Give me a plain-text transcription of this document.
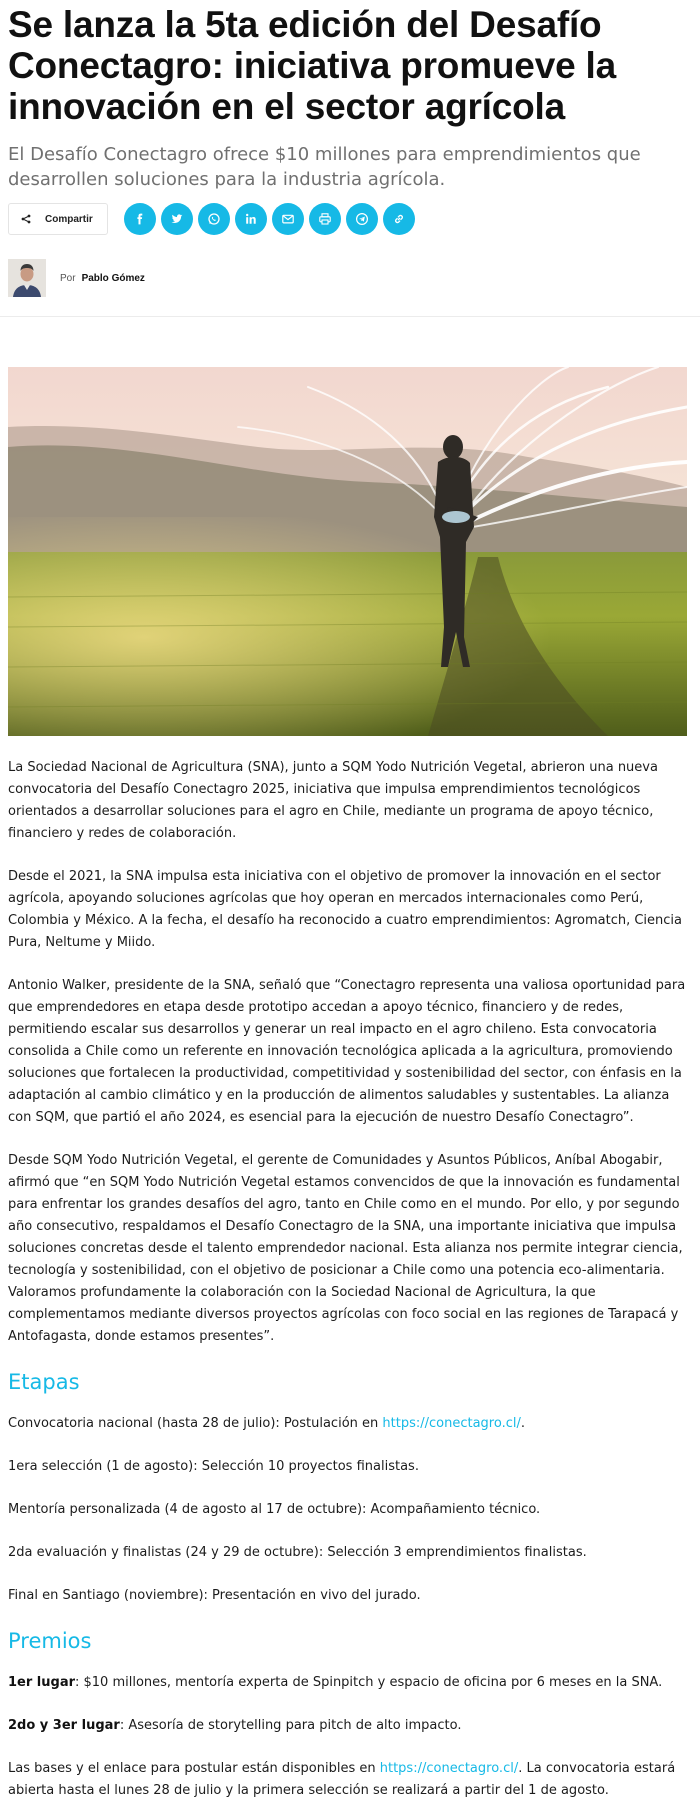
Se lanza la 5ta edición del Desafío Conectagro: iniciativa promueve la innovación en el sector agrícola

El Desafío Conectagro ofrece $10 millones para emprendimientos que desarrollen soluciones para la industria agrícola.

Compartir
Por Pablo Gómez

La Sociedad Nacional de Agricultura (SNA), junto a SQM Yodo Nutrición Vegetal, abrieron una nueva convocatoria del Desafío Conectagro 2025, iniciativa que impulsa emprendimientos tecnológicos orientados a desarrollar soluciones para el agro en Chile, mediante un programa de apoyo técnico, financiero y redes de colaboración.

Desde el 2021, la SNA impulsa esta iniciativa con el objetivo de promover la innovación en el sector agrícola, apoyando soluciones agrícolas que hoy operan en mercados internacionales como Perú, Colombia y México. A la fecha, el desafío ha reconocido a cuatro emprendimientos: Agromatch, Ciencia Pura, Neltume y Miido.

Antonio Walker, presidente de la SNA, señaló que “Conectagro representa una valiosa oportunidad para que emprendedores en etapa desde prototipo accedan a apoyo técnico, financiero y de redes, permitiendo escalar sus desarrollos y generar un real impacto en el agro chileno. Esta convocatoria consolida a Chile como un referente en innovación tecnológica aplicada a la agricultura, promoviendo soluciones que fortalecen la productividad, competitividad y sostenibilidad del sector, con énfasis en la adaptación al cambio climático y en la producción de alimentos saludables y sustentables. La alianza con SQM, que partió el año 2024, es esencial para la ejecución de nuestro Desafío Conectagro”.

Desde SQM Yodo Nutrición Vegetal, el gerente de Comunidades y Asuntos Públicos, Aníbal Abogabir, afirmó que “en SQM Yodo Nutrición Vegetal estamos convencidos de que la innovación es fundamental para enfrentar los grandes desafíos del agro, tanto en Chile como en el mundo. Por ello, y por segundo año consecutivo, respaldamos el Desafío Conectagro de la SNA, una importante iniciativa que impulsa soluciones concretas desde el talento emprendedor nacional. Esta alianza nos permite integrar ciencia, tecnología y sostenibilidad, con el objetivo de posicionar a Chile como una potencia eco-alimentaria. Valoramos profundamente la colaboración con la Sociedad Nacional de Agricultura, la que complementamos mediante diversos proyectos agrícolas con foco social en las regiones de Tarapacá y Antofagasta, donde estamos presentes”.

Etapas

Convocatoria nacional (hasta 28 de julio): Postulación en https://conectagro.cl/.

1era selección (1 de agosto): Selección 10 proyectos finalistas.

Mentoría personalizada (4 de agosto al 17 de octubre): Acompañamiento técnico.

2da evaluación y finalistas (24 y 29 de octubre): Selección 3 emprendimientos finalistas.

Final en Santiago (noviembre): Presentación en vivo del jurado.

Premios

1er lugar: $10 millones, mentoría experta de Spinpitch y espacio de oficina por 6 meses en la SNA.

2do y 3er lugar: Asesoría de storytelling para pitch de alto impacto.

Las bases y el enlace para postular están disponibles en https://conectagro.cl/. La convocatoria estará abierta hasta el lunes 28 de julio y la primera selección se realizará a partir del 1 de agosto.
